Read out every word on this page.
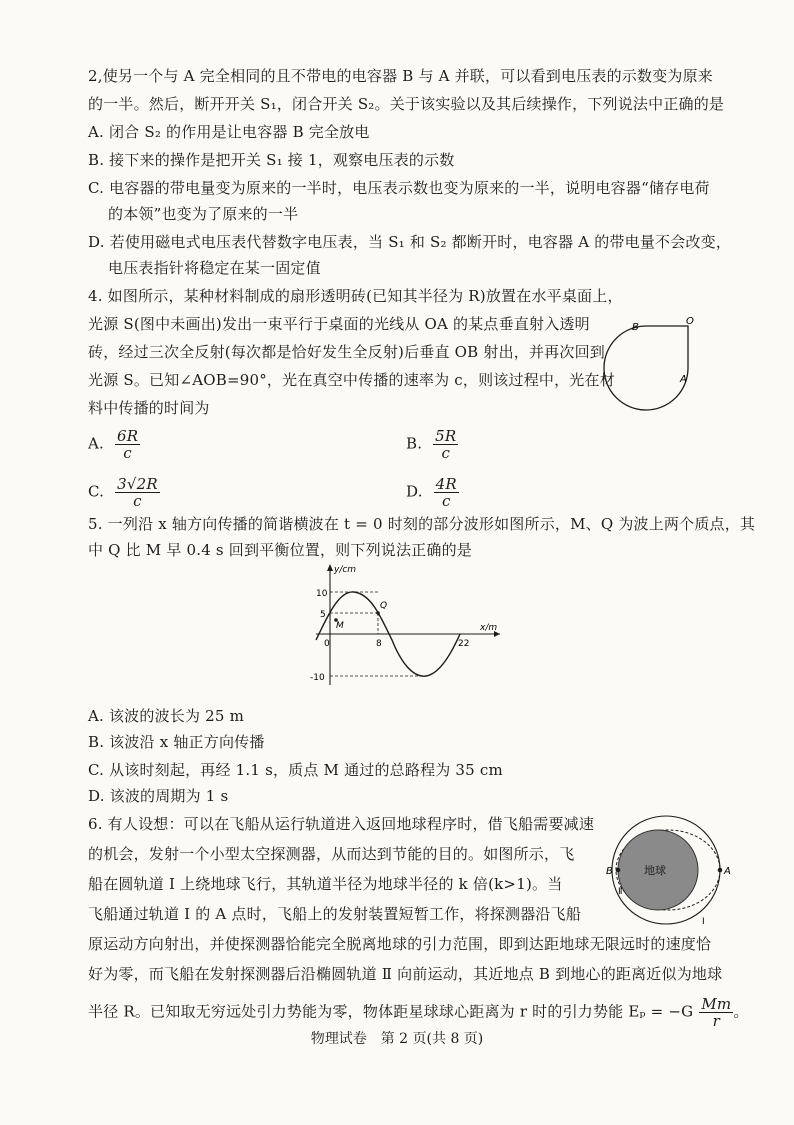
2,使另一个与 A 完全相同的且不带电的电容器 B 与 A 并联，可以看到电压表的示数变为原来
的一半。然后，断开开关 S₁，闭合开关 S₂。关于该实验以及其后续操作，下列说法中正确的是
A. 闭合 S₂ 的作用是让电容器 B 完全放电
B. 接下来的操作是把开关 S₁ 接 1，观察电压表的示数
C. 电容器的带电量变为原来的一半时，电压表示数也变为原来的一半，说明电容器“储存电荷
的本领”也变为了原来的一半
D. 若使用磁电式电压表代替数字电压表，当 S₁ 和 S₂ 都断开时，电容器 A 的带电量不会改变，
电压表指针将稳定在某一固定值
4. 如图所示，某种材料制成的扇形透明砖(已知其半径为 R)放置在水平桌面上，
光源 S(图中未画出)发出一束平行于桌面的光线从 OA 的某点垂直射入透明
砖，经过三次全反射(每次都是恰好发生全反射)后垂直 OB 射出，并再次回到
光源 S。已知∠AOB=90°，光在真空中传播的速率为 c，则该过程中，光在材
料中传播的时间为
B
O
A
A. $\frac{6R}{c}$	B. $\frac{5R}{c}$
C. $\frac{3√2R}{c}$	D. $\frac{4R}{c}$
5. 一列沿 x 轴方向传播的简谐横波在 t = 0 时刻的部分波形如图所示，M、Q 为波上两个质点，其
中 Q 比 M 早 0.4 s 回到平衡位置，则下列说法正确的是
y/cm
x/m
10
5
-10
0	8	22
M
Q
A. 该波的波长为 25 m
B. 该波沿 x 轴正方向传播
C. 从该时刻起，再经 1.1 s，质点 M 通过的总路程为 35 cm
D. 该波的周期为 1 s
6. 有人设想：可以在飞船从运行轨道进入返回地球程序时，借飞船需要减速
的机会，发射一个小型太空探测器，从而达到节能的目的。如图所示，飞
船在圆轨道 Ⅰ 上绕地球飞行，其轨道半径为地球半径的 k 倍(k>1)。当
飞船通过轨道 Ⅰ 的 A 点时，飞船上的发射装置短暂工作，将探测器沿飞船
原运动方向射出，并使探测器恰能完全脱离地球的引力范围，即到达距地球无限远时的速度恰
好为零，而飞船在发射探测器后沿椭圆轨道 Ⅱ 向前运动，其近地点 B 到地心的距离近似为地球
半径 R。已知取无穷远处引力势能为零，物体距星球球心距离为 r 时的引力势能 $E_p = -G \frac{Mm}{r}$ 。
地球	A
B
Ⅱ
Ⅰ
物理试卷　第 2 页(共 8 页)
